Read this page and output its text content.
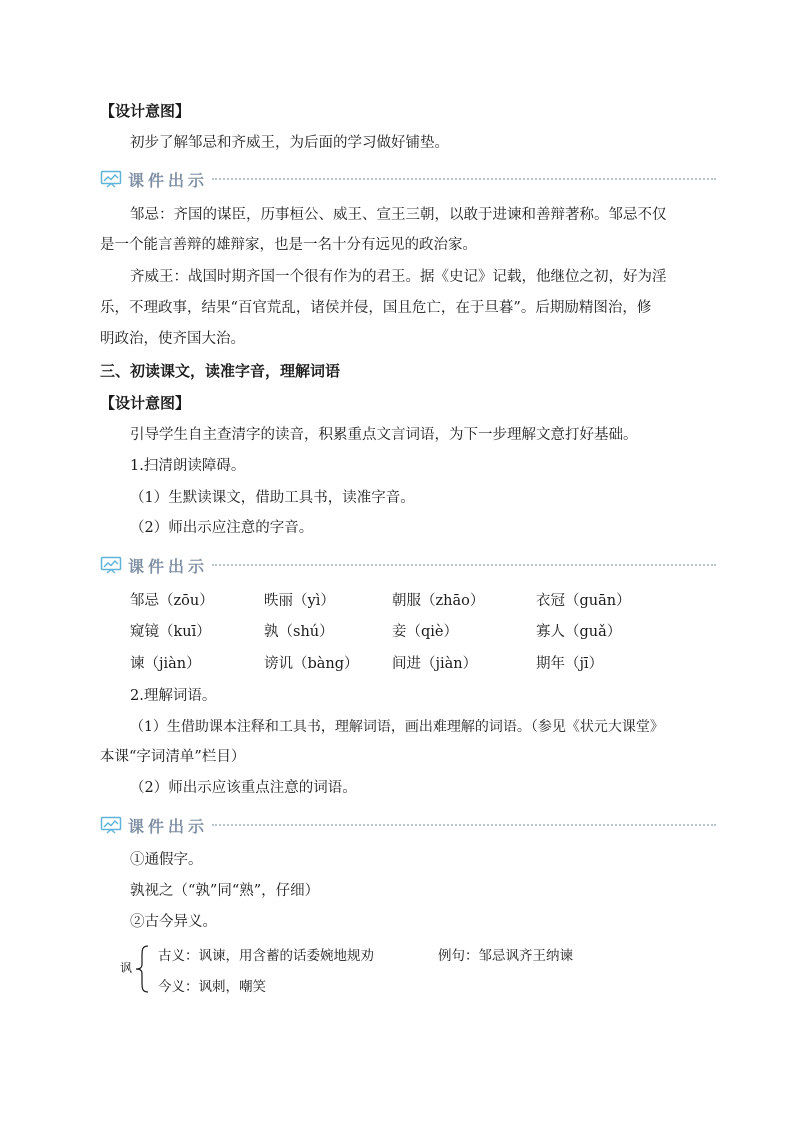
【设计意图】
初步了解邹忌和齐威王，为后面的学习做好铺垫。
课件出示
邹忌：齐国的谋臣，历事桓公、威王、宣王三朝，以敢于进谏和善辩著称。邹忌不仅
是一个能言善辩的雄辩家，也是一名十分有远见的政治家。
齐威王：战国时期齐国一个很有作为的君王。据《史记》记载，他继位之初，好为淫
乐，不理政事，结果“百官荒乱，诸侯并侵，国且危亡，在于旦暮”。后期励精图治，修
明政治，使齐国大治。
三、初读课文，读准字音，理解词语
【设计意图】
引导学生自主查清字的读音，积累重点文言词语，为下一步理解文意打好基础。
1.扫清朗读障碍。
（1）生默读课文，借助工具书，读准字音。
（2）师出示应注意的字音。
课件出示
邹忌（zōu）	昳丽（yì）	朝服（zhāo）	衣冠（guān）
窥镜（kuī）	孰（shú）	妾（qiè）	寡人（guǎ）
谏（jiàn）	谤讥（bàng） 间进（jiàn）	期年（jī）
2.理解词语。
（1）生借助课本注释和工具书，理解词语，画出难理解的词语。（参见《状元大课堂》
本课“字词清单”栏目）
（2）师出示应该重点注意的词语。
课件出示
①通假字。
孰视之（“孰”同“熟”，仔细）
②古今异义。
讽
古义：讽谏，用含蓄的话委婉地规劝	例句：邹忌讽齐王纳谏
今义：讽刺，嘲笑
